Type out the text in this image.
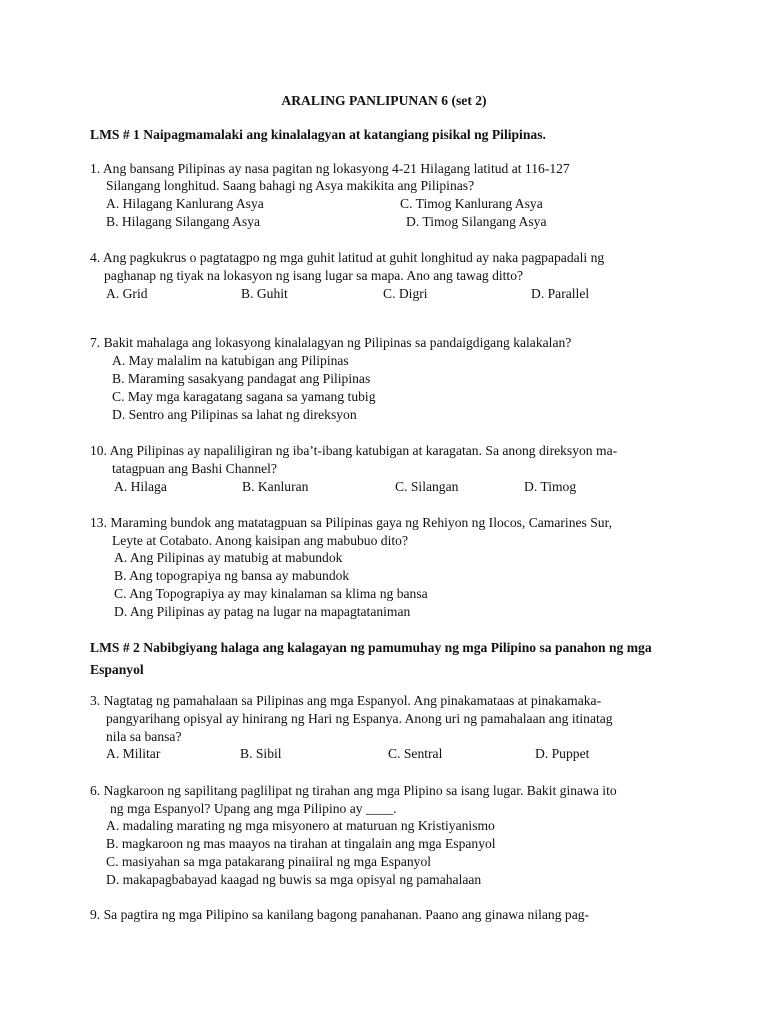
ARALING PANLIPUNAN 6 (set 2)
LMS # 1 Naipagmamalaki ang kinalalagyan at katangiang pisikal ng Pilipinas.
1. Ang bansang Pilipinas ay nasa pagitan ng lokasyong 4-21 Hilagang latitud at 116-127
Silangang longhitud. Saang bahagi ng Asya makikita ang Pilipinas?
A. Hilagang Kanlurang Asya	C. Timog Kanlurang Asya
B. Hilagang Silangang Asya	D. Timog Silangang Asya
4. Ang pagkukrus o pagtatagpo ng mga guhit latitud at guhit longhitud ay naka pagpapadali ng
paghanap ng tiyak na lokasyon ng isang lugar sa mapa. Ano ang tawag ditto?
A. Grid	B. Guhit	C. Digri	D. Parallel
7. Bakit mahalaga ang lokasyong kinalalagyan ng Pilipinas sa pandaigdigang kalakalan?
A. May malalim na katubigan ang Pilipinas
B. Maraming sasakyang pandagat ang Pilipinas
C. May mga karagatang sagana sa yamang tubig
D. Sentro ang Pilipinas sa lahat ng direksyon
10. Ang Pilipinas ay napaliligiran ng iba’t-ibang katubigan at karagatan. Sa anong direksyon ma-
tatagpuan ang Bashi Channel?
A. Hilaga	B. Kanluran	C. Silangan	D. Timog
13. Maraming bundok ang matatagpuan sa Pilipinas gaya ng Rehiyon ng Ilocos, Camarines Sur,
Leyte at Cotabato. Anong kaisipan ang mabubuo dito?
A. Ang Pilipinas ay matubig at mabundok
B. Ang topograpiya ng bansa ay mabundok
C. Ang Topograpiya ay may kinalaman sa klima ng bansa
D. Ang Pilipinas ay patag na lugar na mapagtataniman
LMS # 2 Nabibgiyang halaga ang kalagayan ng pamumuhay ng mga Pilipino sa panahon ng mga Espanyol
3. Nagtatag ng pamahalaan sa Pilipinas ang mga Espanyol. Ang pinakamataas at pinakamaka-
pangyarihang opisyal ay hinirang ng Hari ng Espanya. Anong uri ng pamahalaan ang itinatag
nila sa bansa?
A. Militar	B. Sibil	C. Sentral	D. Puppet
6. Nagkaroon ng sapilitang paglilipat ng tirahan ang mga Plipino sa isang lugar. Bakit ginawa ito
ng mga Espanyol? Upang ang mga Pilipino ay ____.
A. madaling marating ng mga misyonero at maturuan ng Kristiyanismo
B. magkaroon ng mas maayos na tirahan at tingalain ang mga Espanyol
C. masiyahan sa mga patakarang pinaiiral ng mga Espanyol
D. makapagbabayad kaagad ng buwis sa mga opisyal ng pamahalaan
9. Sa pagtira ng mga Pilipino sa kanilang bagong panahanan. Paano ang ginawa nilang pag-
